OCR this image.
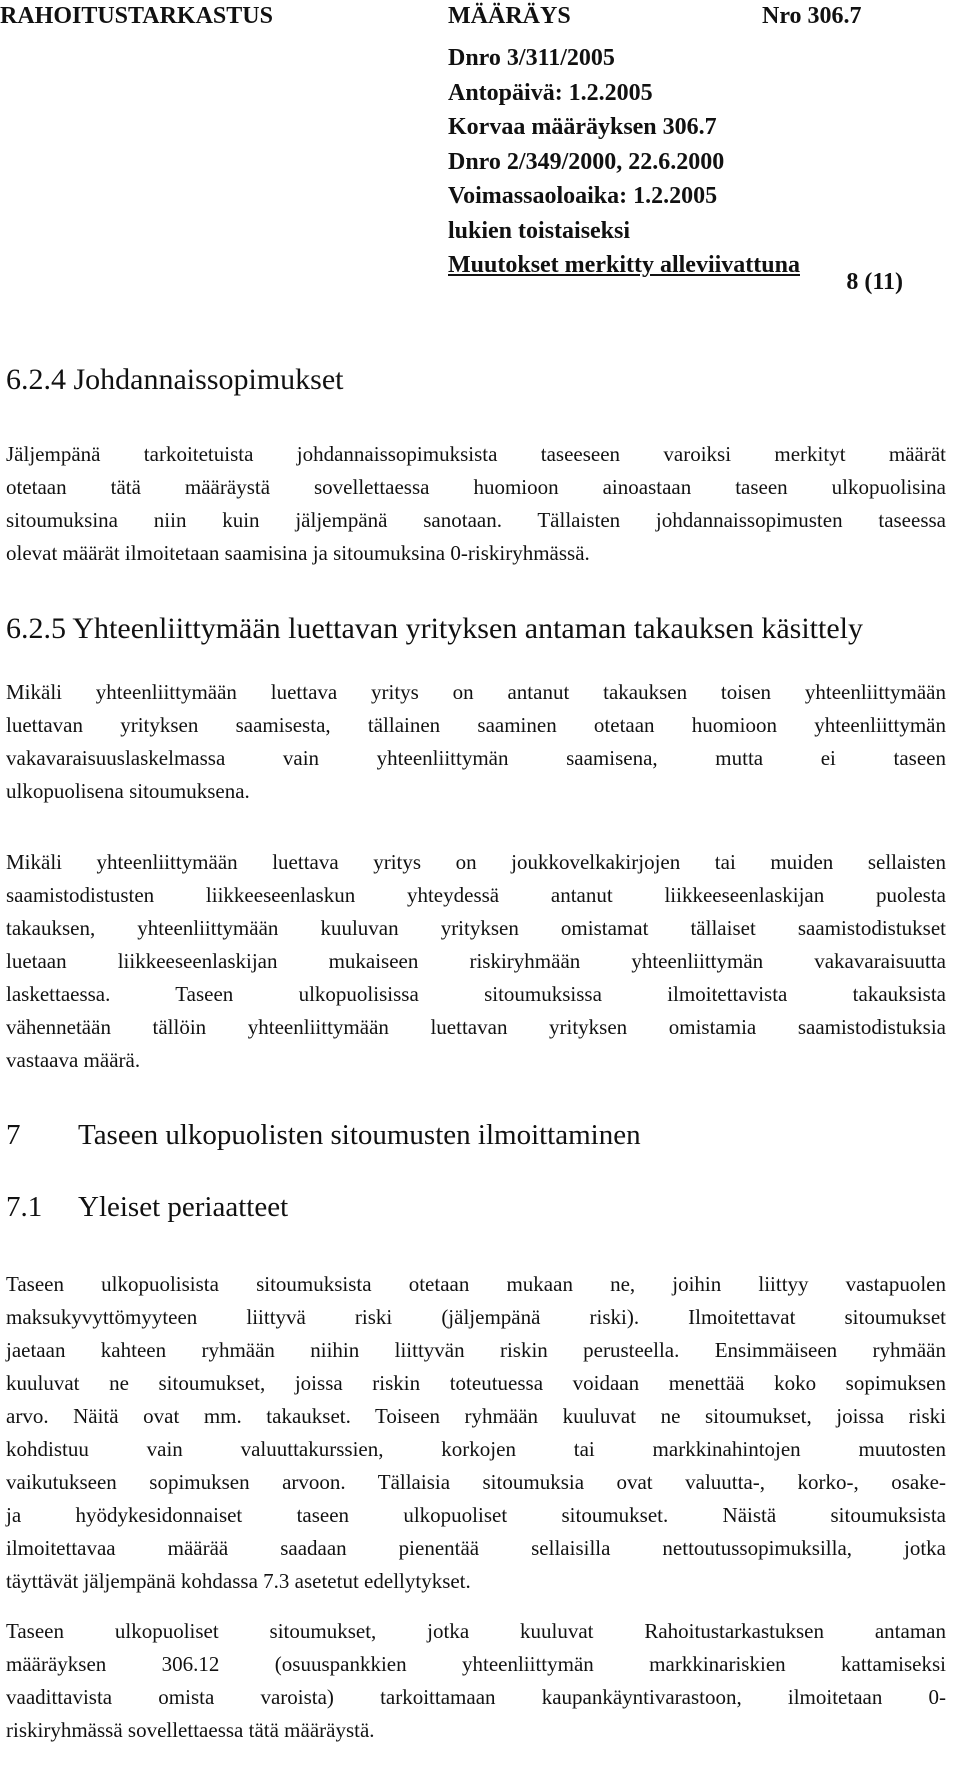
RAHOITUSTARKASTUS	MÄÄRÄYS	Nro 306.7
Dnro 3/311/2005
Antopäivä: 1.2.2005
Korvaa määräyksen 306.7
Dnro 2/349/2000, 22.6.2000
Voimassaoloaika: 1.2.2005
lukien toistaiseksi
Muutokset merkitty alleviivattuna
8 (11)
6.2.4 Johdannaissopimukset
Jäljempänä tarkoitetuista johdannaissopimuksista taseeseen varoiksi merkityt määrät
otetaan tätä määräystä sovellettaessa huomioon ainoastaan taseen ulkopuolisina
sitoumuksina niin kuin jäljempänä sanotaan. Tällaisten johdannaissopimusten taseessa
olevat määrät ilmoitetaan saamisina ja sitoumuksina 0-riskiryhmässä.
6.2.5 Yhteenliittymään luettavan yrityksen antaman takauksen käsittely
Mikäli yhteenliittymään luettava yritys on antanut takauksen toisen yhteenliittymään
luettavan yrityksen saamisesta, tällainen saaminen otetaan huomioon yhteenliittymän
vakavaraisuuslaskelmassa vain yhteenliittymän saamisena, mutta ei taseen
ulkopuolisena sitoumuksena.
Mikäli yhteenliittymään luettava yritys on joukkovelkakirjojen tai muiden sellaisten
saamistodistusten liikkeeseenlaskun yhteydessä antanut liikkeeseenlaskijan puolesta
takauksen, yhteenliittymään kuuluvan yrityksen omistamat tällaiset saamistodistukset
luetaan liikkeeseenlaskijan mukaiseen riskiryhmään yhteenliittymän vakavaraisuutta
laskettaessa. Taseen ulkopuolisissa sitoumuksissa ilmoitettavista takauksista
vähennetään tällöin yhteenliittymään luettavan yrityksen omistamia saamistodistuksia
vastaava määrä.
7 Taseen ulkopuolisten sitoumusten ilmoittaminen
7.1 Yleiset periaatteet
Taseen ulkopuolisista sitoumuksista otetaan mukaan ne, joihin liittyy vastapuolen
maksukyvyttömyyteen liittyvä riski (jäljempänä riski). Ilmoitettavat sitoumukset
jaetaan kahteen ryhmään niihin liittyvän riskin perusteella. Ensimmäiseen ryhmään
kuuluvat ne sitoumukset, joissa riskin toteutuessa voidaan menettää koko sopimuksen
arvo. Näitä ovat mm. takaukset. Toiseen ryhmään kuuluvat ne sitoumukset, joissa riski
kohdistuu vain valuuttakurssien, korkojen tai markkinahintojen muutosten
vaikutukseen sopimuksen arvoon. Tällaisia sitoumuksia ovat valuutta-, korko-, osake-
ja hyödykesidonnaiset taseen ulkopuoliset sitoumukset. Näistä sitoumuksista
ilmoitettavaa määrää saadaan pienentää sellaisilla nettoutussopimuksilla, jotka
täyttävät jäljempänä kohdassa 7.3 asetetut edellytykset.
Taseen ulkopuoliset sitoumukset, jotka kuuluvat Rahoitustarkastuksen antaman
määräyksen 306.12 (osuuspankkien yhteenliittymän markkinariskien kattamiseksi
vaadittavista omista varoista) tarkoittamaan kaupankäyntivarastoon, ilmoitetaan 0-
riskiryhmässä sovellettaessa tätä määräystä.
